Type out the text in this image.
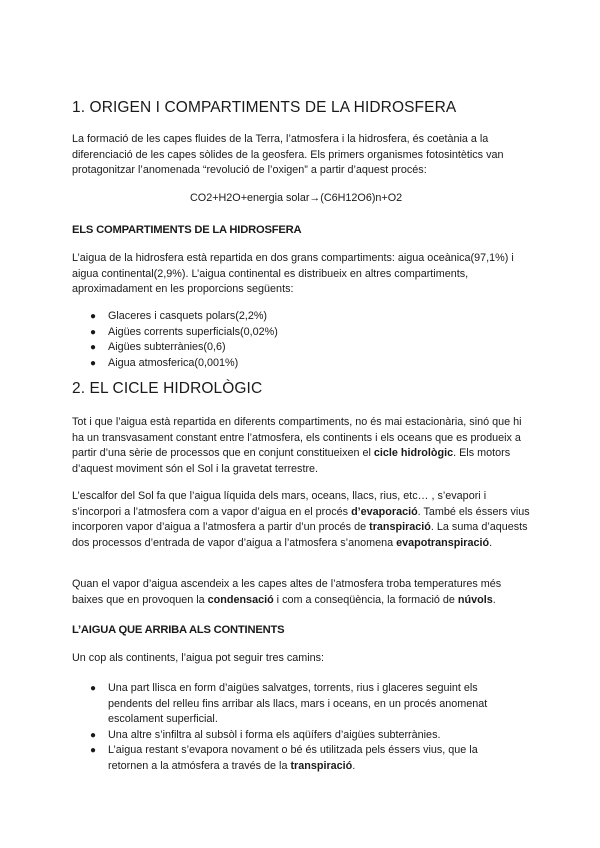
1. ORIGEN I COMPARTIMENTS DE LA HIDROSFERA

La formació de les capes fluides de la Terra, l’atmosfera i la hidrosfera, és coetània a la diferenciació de les capes sòlides de la geosfera. Els primers organismes fotosintètics van protagonitzar l’anomenada “revolució de l’oxigen” a partir d’aquest procés:

CO2+H2O+energia solar→(C6H12O6)n+O2
ELS COMPARTIMENTS DE LA HIDROSFERA

L’aigua de la hidrosfera està repartida en dos grans compartiments: aigua oceànica(97,1%) i aigua continental(2,9%). L’aigua continental es distribueix en altres compartiments, aproximadament en les proporcions següents:

● Glaceres i casquets polars(2,2%)
● Aigües corrents superficials(0,02%)
● Aigües subterrànies(0,6)
● Aigua atmosferica(0,001%)
2. EL CICLE HIDROLÒGIC

Tot i que l’aigua està repartida en diferents compartiments, no és mai estacionària, sinó que hi ha un transvasament constant entre l’atmosfera, els continents i els oceans que es produeix a partir d’una sèrie de processos que en conjunt constitueixen el cicle hidrològic. Els motors d’aquest moviment són el Sol i la gravetat terrestre.

L’escalfor del Sol fa que l’aigua líquida dels mars, oceans, llacs, rius, etc… , s’evapori i s’incorpori a l’atmosfera com a vapor d’aigua en el procés d’evaporació. També els éssers vius incorporen vapor d’aigua a l’atmosfera a partir d’un procés de transpiració. La suma d’aquests dos processos d’entrada de vapor d’aigua a l’atmosfera s’anomena evapotranspiració.

Quan el vapor d’aigua ascendeix a les capes altes de l’atmosfera troba temperatures més baixes que en provoquen la condensació i com a conseqüència, la formació de núvols.

L’AIGUA QUE ARRIBA ALS CONTINENTS

Un cop als continents, l’aigua pot seguir tres camins:

● Una part llisca en form d’aigües salvatges, torrents, rius i glaceres seguint els pendents del relleu fins arribar als llacs, mars i oceans, en un procés anomenat escolament superficial.
● Una altre s’infiltra al subsòl i forma els aqüífers d’aigües subterrànies.
● L’aigua restant s’evapora novament o bé és utilitzada pels éssers vius, que la retornen a la atmósfera a través de la transpiració.
